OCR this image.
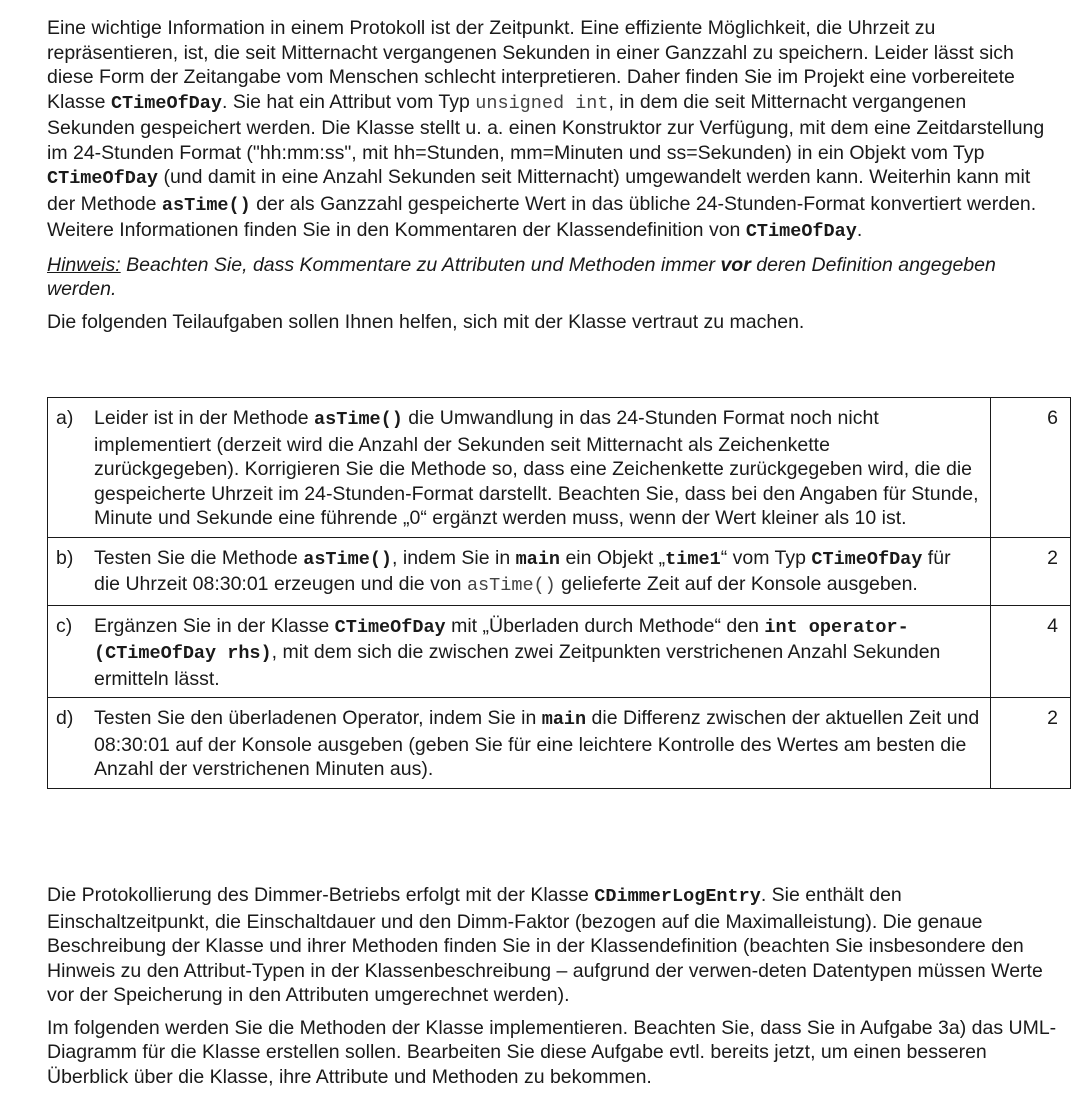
Eine wichtige Information in einem Protokoll ist der Zeitpunkt. Eine effiziente Möglichkeit, die Uhrzeit zu repräsentieren, ist, die seit Mitternacht vergangenen Sekunden in einer Ganzzahl zu speichern. Leider lässt sich diese Form der Zeitangabe vom Menschen schlecht interpretieren. Daher finden Sie im Projekt eine vorbereitete Klasse CTimeOfDay. Sie hat ein Attribut vom Typ unsigned int, in dem die seit Mitternacht vergangenen Sekunden gespeichert werden. Die Klasse stellt u. a. einen Konstruktor zur Verfügung, mit dem eine Zeitdarstellung im 24-Stunden Format ("hh:mm:ss", mit hh=Stunden, mm=Minuten und ss=Sekunden) in ein Objekt vom Typ CTimeOfDay (und damit in eine Anzahl Sekunden seit Mitternacht) umgewandelt werden kann. Weiterhin kann mit der Methode asTime() der als Ganzzahl gespeicherte Wert in das übliche 24-Stunden-Format konvertiert werden. Weitere Informationen finden Sie in den Kommentaren der Klassendefinition von CTimeOfDay.

Hinweis: Beachten Sie, dass Kommentare zu Attributen und Methoden immer vor deren Definition angegeben werden.

Die folgenden Teilaufgaben sollen Ihnen helfen, sich mit der Klasse vertraut zu machen.

a) Leider ist in der Methode asTime() die Umwandlung in das 24-Stunden Format noch nicht implementiert (derzeit wird die Anzahl der Sekunden seit Mitternacht als Zeichenkette zurückgegeben). Korrigieren Sie die Methode so, dass eine Zeichenkette zurückgegeben wird, die die gespeicherte Uhrzeit im 24-Stunden-Format darstellt. Beachten Sie, dass bei den Angaben für Stunde, Minute und Sekunde eine führende „0“ ergänzt werden muss, wenn der Wert kleiner als 10 ist.	6

b) Testen Sie die Methode asTime(), indem Sie in main ein Objekt „time1“ vom Typ CTimeOfDay für die Uhrzeit 08:30:01 erzeugen und die von asTime() gelieferte Zeit auf der Konsole ausgeben.	2

c) Ergänzen Sie in der Klasse CTimeOfDay mit „Überladen durch Methode“ den int operator-(CTimeOfDay rhs), mit dem sich die zwischen zwei Zeitpunkten verstrichenen Anzahl Sekunden ermitteln lässt.	4

d) Testen Sie den überladenen Operator, indem Sie in main die Differenz zwischen der aktuellen Zeit und 08:30:01 auf der Konsole ausgeben (geben Sie für eine leichtere Kontrolle des Wertes am besten die Anzahl der verstrichenen Minuten aus).	2

Die Protokollierung des Dimmer-Betriebs erfolgt mit der Klasse CDimmerLogEntry. Sie enthält den Einschaltzeitpunkt, die Einschaltdauer und den Dimm-Faktor (bezogen auf die Maximalleistung). Die genaue Beschreibung der Klasse und ihrer Methoden finden Sie in der Klassendefinition (beachten Sie insbesondere den Hinweis zu den Attribut-Typen in der Klassenbeschreibung – aufgrund der verwen-deten Datentypen müssen Werte vor der Speicherung in den Attributen umgerechnet werden).

Im folgenden werden Sie die Methoden der Klasse implementieren. Beachten Sie, dass Sie in Aufgabe 3a) das UML-Diagramm für die Klasse erstellen sollen. Bearbeiten Sie diese Aufgabe evtl. bereits jetzt, um einen besseren Überblick über die Klasse, ihre Attribute und Methoden zu bekommen.
